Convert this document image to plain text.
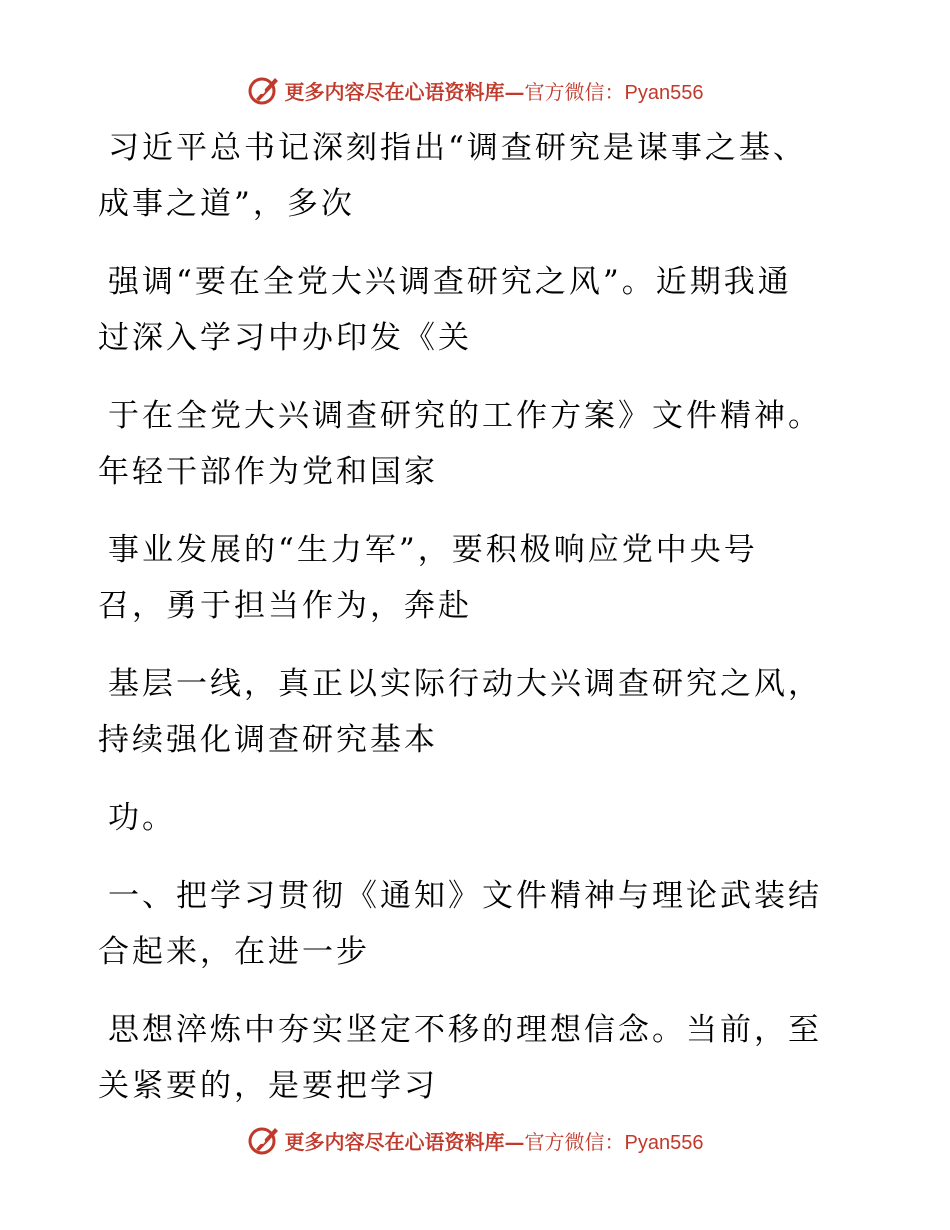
更多内容尽在心语资料库— 官方微信：Pyan556

习近平总书记深刻指出“调查研究是谋事之基、
成事之道”，多次

强调“要在全党大兴调查研究之风”。近期我通
过深入学习中办印发《关

于在全党大兴调查研究的工作方案》文件精神。
年轻干部作为党和国家

事业发展的“生力军”，要积极响应党中央号
召，勇于担当作为，奔赴

基层一线，真正以实际行动大兴调查研究之风，
持续强化调查研究基本

功。

一、把学习贯彻《通知》文件精神与理论武装结
合起来，在进一步

思想淬炼中夯实坚定不移的理想信念。当前，至
关紧要的，是要把学习

更多内容尽在心语资料库— 官方微信：Pyan556
